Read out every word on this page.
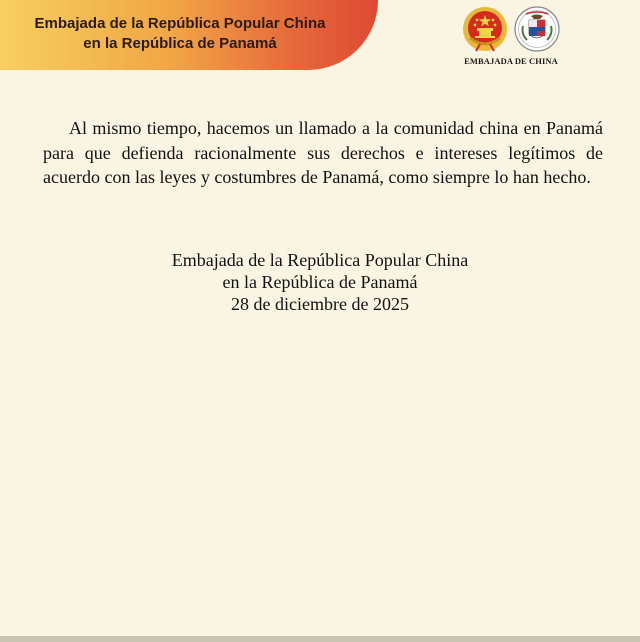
Embajada de la República Popular China
en la República de Panamá
EMBAJADA DE CHINA

Al mismo tiempo, hacemos un llamado a la comunidad china en Panamá para que defienda racionalmente sus derechos e intereses legítimos de acuerdo con las leyes y costumbres de Panamá, como siempre lo han hecho.

Embajada de la República Popular China
en la República de Panamá
28 de diciembre de 2025
